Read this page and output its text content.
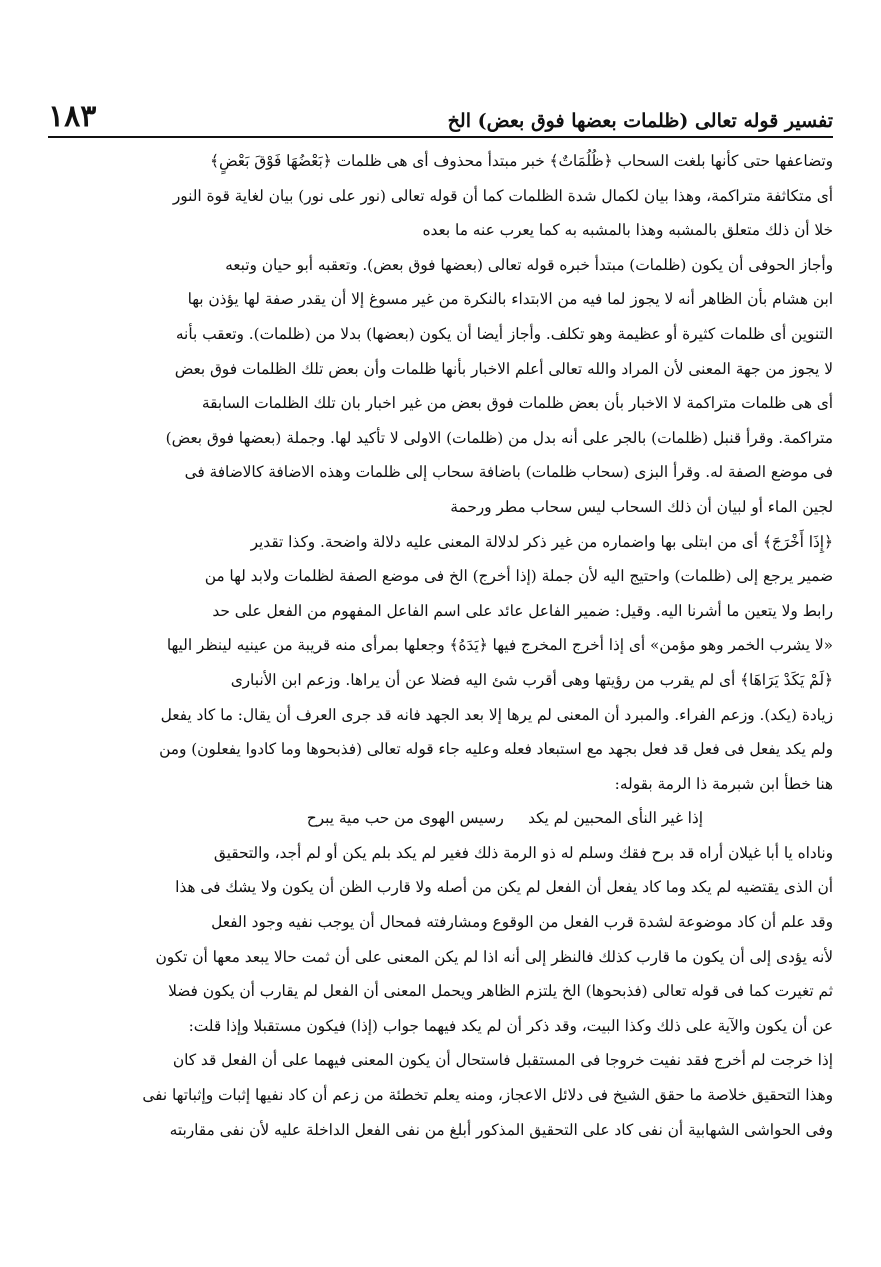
تفسير قوله تعالى (ظلمات بعضها فوق بعض) الخ
١٨٣
وتضاعفها حتى كأنها بلغت السحاب ﴿ظُلُمَاتٌ﴾ خبر مبتدأ محذوف أى هى ظلمات ﴿بَعْضُهَا فَوْقَ بَعْضٍ﴾
أى متكاثفة متراكمة، وهذا بيان لكمال شدة الظلمات كما أن قوله تعالى (نور على نور) بيان لغاية قوة النور
خلا أن ذلك متعلق بالمشبه وهذا بالمشبه به كما يعرب عنه ما بعده
وأجاز الحوفى أن يكون (ظلمات) مبتدأ خبره قوله تعالى (بعضها فوق بعض). وتعقبه أبو حيان وتبعه
ابن هشام بأن الظاهر أنه لا يجوز لما فيه من الابتداء بالنكرة من غير مسوغ إلا أن يقدر صفة لها يؤذن بها
التنوين أى ظلمات كثيرة أو عظيمة وهو تكلف. وأجاز أيضا أن يكون (بعضها) بدلا من (ظلمات). وتعقب بأنه
لا يجوز من جهة المعنى لأن المراد والله تعالى أعلم الاخبار بأنها ظلمات وأن بعض تلك الظلمات فوق بعض
أى هى ظلمات متراكمة لا الاخبار بأن بعض ظلمات فوق بعض من غير اخبار بان تلك الظلمات السابقة
متراكمة. وقرأ قنبل (ظلمات) بالجر على أنه بدل من (ظلمات) الاولى لا تأكيد لها. وجملة (بعضها فوق بعض)
فى موضع الصفة له. وقرأ البزى (سحاب ظلمات) باضافة سحاب إلى ظلمات وهذه الاضافة كالاضافة فى
لجين الماء أو لبيان أن ذلك السحاب ليس سحاب مطر ورحمة
﴿إِذَا أَخْرَجَ﴾ أى من ابتلى بها واضماره من غير ذكر لدلالة المعنى عليه دلالة واضحة. وكذا تقدير
ضمير يرجع إلى (ظلمات) واحتيج اليه لأن جملة (إذا أخرج) الخ فى موضع الصفة لظلمات ولابد لها من
رابط ولا يتعين ما أشرنا اليه. وقيل: ضمير الفاعل عائد على اسم الفاعل المفهوم من الفعل على حد
«لا يشرب الخمر وهو مؤمن» أى إذا أخرج المخرج فيها ﴿يَدَهُ﴾ وجعلها بمرأى منه قريبة من عينيه لينظر اليها
﴿لَمْ يَكَدْ يَرَاهَا﴾ أى لم يقرب من رؤيتها وهى أقرب شئ اليه فضلا عن أن يراها. وزعم ابن الأنبارى
زيادة (يكد). وزعم الفراء. والمبرد أن المعنى لم يرها إلا بعد الجهد فانه قد جرى العرف أن يقال: ما كاد يفعل
ولم يكد يفعل فى فعل قد فعل بجهد مع استبعاد فعله وعليه جاء قوله تعالى (فذبحوها وما كادوا يفعلون) ومن
هنا خطأ ابن شبرمة ذا الرمة بقوله:
إذا غير النأى المحبين لم يكد     رسيس الهوى من حب مية يبرح
وناداه يا أبا غيلان أراه قد برح فقك وسلم له ذو الرمة ذلك فغير لم يكد بلم يكن أو لم أجد، والتحقيق
أن الذى يقتضيه لم يكد وما كاد يفعل أن الفعل لم يكن من أصله ولا قارب الظن أن يكون ولا يشك فى هذا
وقد علم أن كاد موضوعة لشدة قرب الفعل من الوقوع ومشارفته فمحال أن يوجب نفيه وجود الفعل
لأنه يؤدى إلى أن يكون ما قارب كذلك فالنظر إلى أنه اذا لم يكن المعنى على أن ثمت حالا يبعد معها أن تكون
ثم تغيرت كما فى قوله تعالى (فذبحوها) الخ يلتزم الظاهر ويحمل المعنى أن الفعل لم يقارب أن يكون فضلا
عن أن يكون والآية على ذلك وكذا البيت، وقد ذكر أن لم يكد فيهما جواب (إذا) فيكون مستقبلا وإذا قلت:
إذا خرجت لم أخرج فقد نفيت خروجا فى المستقبل فاستحال أن يكون المعنى فيهما على أن الفعل قد كان
وهذا التحقيق خلاصة ما حقق الشيخ فى دلائل الاعجاز، ومنه يعلم تخطئة من زعم أن كاد نفيها إثبات وإثباتها نفى
وفى الحواشى الشهابية أن نفى كاد على التحقيق المذكور أبلغ من نفى الفعل الداخلة عليه لأن نفى مقاربته
